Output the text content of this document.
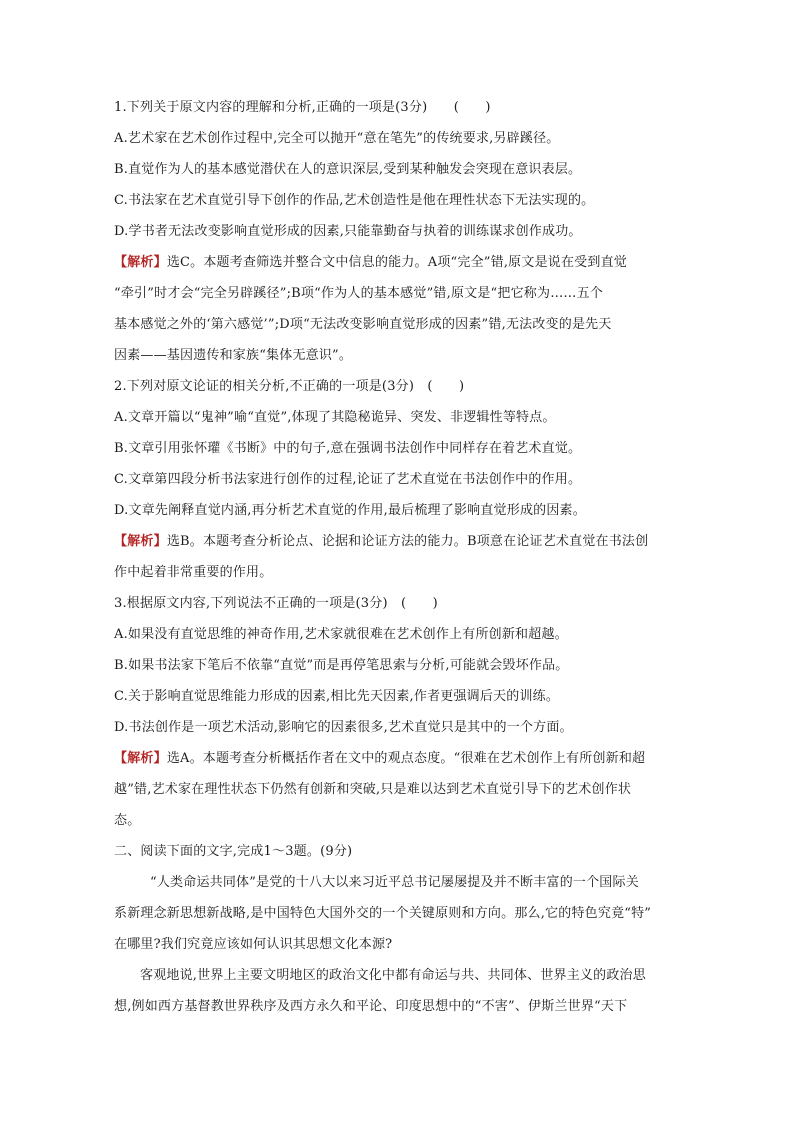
1.下列关于原文内容的理解和分析,正确的一项是(3分)　　(　　)

A.艺术家在艺术创作过程中,完全可以抛开“意在笔先”的传统要求,另辟蹊径。

B.直觉作为人的基本感觉潜伏在人的意识深层,受到某种触发会突现在意识表层。

C.书法家在艺术直觉引导下创作的作品,艺术创造性是他在理性状态下无法实现的。

D.学书者无法改变影响直觉形成的因素,只能靠勤奋与执着的训练谋求创作成功。

【解析】选C。本题考查筛选并整合文中信息的能力。A项“完全”错,原文是说在受到直觉

“牵引”时才会“完全另辟蹊径”;B项“作为人的基本感觉”错,原文是“把它称为……五个

基本感觉之外的‘第六感觉’”;D项“无法改变影响直觉形成的因素”错,无法改变的是先天

因素——基因遗传和家族“集体无意识”。

2.下列对原文论证的相关分析,不正确的一项是(3分)　(　　)

A.文章开篇以“鬼神”喻“直觉”,体现了其隐秘诡异、突发、非逻辑性等特点。

B.文章引用张怀瓘《书断》中的句子,意在强调书法创作中同样存在着艺术直觉。

C.文章第四段分析书法家进行创作的过程,论证了艺术直觉在书法创作中的作用。

D.文章先阐释直觉内涵,再分析艺术直觉的作用,最后梳理了影响直觉形成的因素。

【解析】选B。本题考查分析论点、论据和论证方法的能力。B项意在论证艺术直觉在书法创

作中起着非常重要的作用。

3.根据原文内容,下列说法不正确的一项是(3分)　(　　)

A.如果没有直觉思维的神奇作用,艺术家就很难在艺术创作上有所创新和超越。

B.如果书法家下笔后不依靠“直觉”而是再停笔思索与分析,可能就会毁坏作品。

C.关于影响直觉思维能力形成的因素,相比先天因素,作者更强调后天的训练。

D.书法创作是一项艺术活动,影响它的因素很多,艺术直觉只是其中的一个方面。

【解析】选A。本题考查分析概括作者在文中的观点态度。“很难在艺术创作上有所创新和超

越”错,艺术家在理性状态下仍然有创新和突破,只是难以达到艺术直觉引导下的艺术创作状

态。

二、阅读下面的文字,完成1～3题。(9分)

“人类命运共同体”是党的十八大以来习近平总书记屡屡提及并不断丰富的一个国际关

系新理念新思想新战略,是中国特色大国外交的一个关键原则和方向。那么,它的特色究竟“特”

在哪里?我们究竟应该如何认识其思想文化本源?

客观地说,世界上主要文明地区的政治文化中都有命运与共、共同体、世界主义的政治思

想,例如西方基督教世界秩序及西方永久和平论、印度思想中的“不害”、伊斯兰世界“天下
